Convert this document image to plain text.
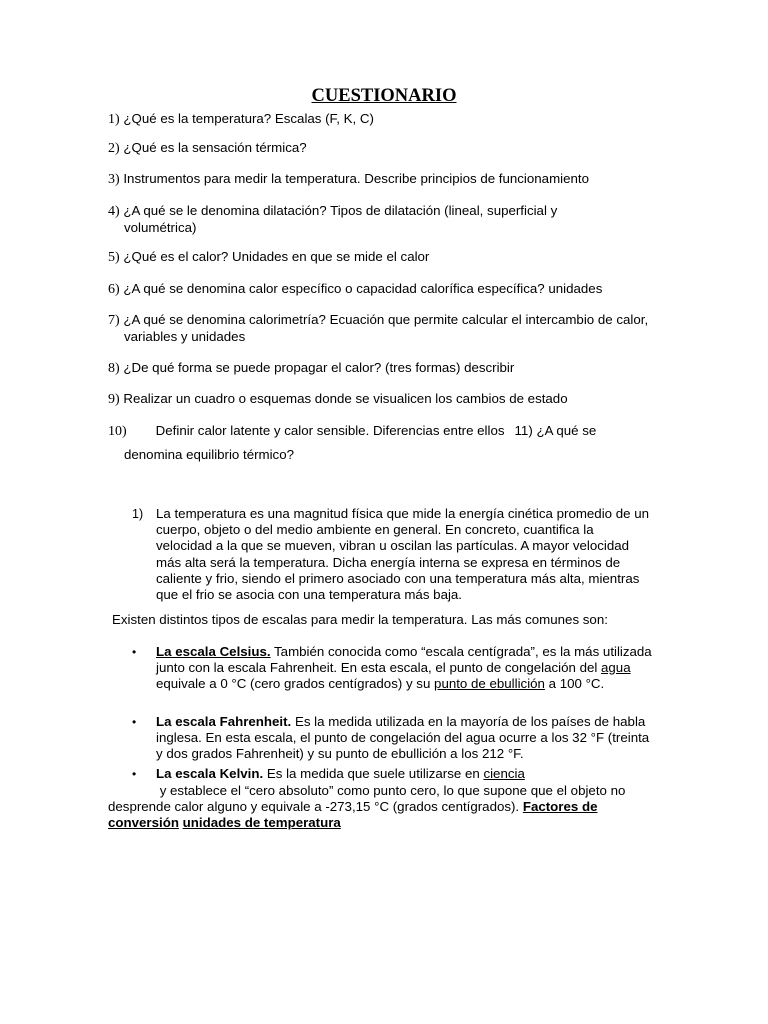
CUESTIONARIO
1) ¿Qué es la temperatura? Escalas (F, K, C)
2) ¿Qué es la sensación térmica?
3) Instrumentos para medir la temperatura. Describe principios de funcionamiento
4) ¿A qué se le denomina dilatación? Tipos de dilatación (lineal, superficial y volumétrica)
5) ¿Qué es el calor? Unidades en que se mide el calor
6) ¿A qué se denomina calor específico o capacidad calorífica específica? unidades
7) ¿A qué se denomina calorimetría? Ecuación que permite calcular el intercambio de calor, variables y unidades
8) ¿De qué forma se puede propagar el calor? (tres formas) describir
9) Realizar un cuadro o esquemas donde se visualicen los cambios de estado
10) Definir calor latente y calor sensible. Diferencias entre ellos 11) ¿A qué se
denomina equilibrio térmico?
1) La temperatura es una magnitud física que mide la energía cinética promedio de un cuerpo, objeto o del medio ambiente en general. En concreto, cuantifica la velocidad a la que se mueven, vibran u oscilan las partículas. A mayor velocidad más alta será la temperatura. Dicha energía interna se expresa en términos de caliente y frio, siendo el primero asociado con una temperatura más alta, mientras que el frio se asocia con una temperatura más baja.
Existen distintos tipos de escalas para medir la temperatura. Las más comunes son:
• La escala Celsius. También conocida como “escala centígrada”, es la más utilizada junto con la escala Fahrenheit. En esta escala, el punto de congelación del agua equivale a 0 °C (cero grados centígrados) y su punto de ebullición a 100 °C.
• La escala Fahrenheit. Es la medida utilizada en la mayoría de los países de habla inglesa. En esta escala, el punto de congelación del agua ocurre a los 32 °F (treinta y dos grados Fahrenheit) y su punto de ebullición a los 212 °F.
• La escala Kelvin. Es la medida que suele utilizarse en ciencia
y establece el “cero absoluto” como punto cero, lo que supone que el objeto no desprende calor alguno y equivale a -273,15 °C (grados centígrados). Factores de conversión unidades de temperatura
